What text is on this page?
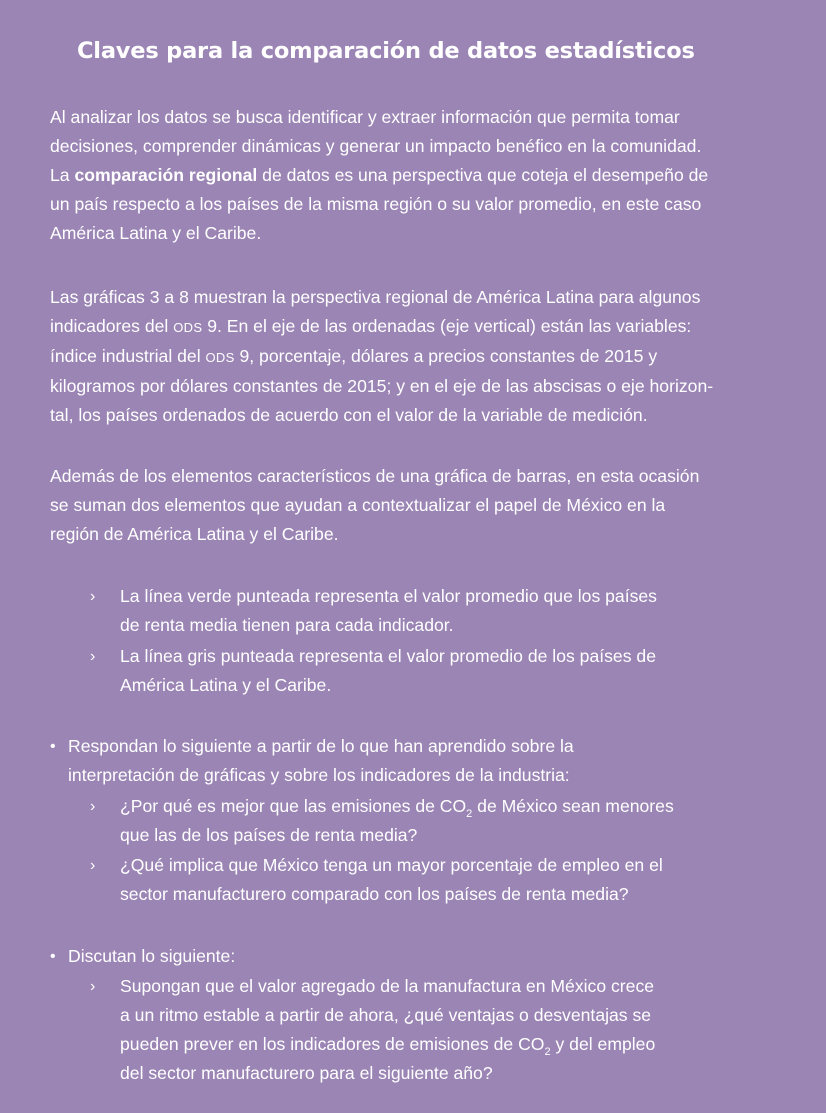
Claves para la comparación de datos estadísticos

Al analizar los datos se busca identificar y extraer información que permita tomar
decisiones, comprender dinámicas y generar un impacto benéfico en la comunidad.
La comparación regional de datos es una perspectiva que coteja el desempeño de
un país respecto a los países de la misma región o su valor promedio, en este caso
América Latina y el Caribe.

Las gráficas 3 a 8 muestran la perspectiva regional de América Latina para algunos
indicadores del ODS 9. En el eje de las ordenadas (eje vertical) están las variables:
índice industrial del ODS 9, porcentaje, dólares a precios constantes de 2015 y
kilogramos por dólares constantes de 2015; y en el eje de las abscisas o eje horizon-
tal, los países ordenados de acuerdo con el valor de la variable de medición.

Además de los elementos característicos de una gráfica de barras, en esta ocasión
se suman dos elementos que ayudan a contextualizar el papel de México en la
región de América Latina y el Caribe.

› La línea verde punteada representa el valor promedio que los países
de renta media tienen para cada indicador.
› La línea gris punteada representa el valor promedio de los países de
América Latina y el Caribe.
• Respondan lo siguiente a partir de lo que han aprendido sobre la
interpretación de gráficas y sobre los indicadores de la industria:
› ¿Por qué es mejor que las emisiones de $CO_2$ de México sean menores
que las de los países de renta media?
› ¿Qué implica que México tenga un mayor porcentaje de empleo en el
sector manufacturero comparado con los países de renta media?
• Discutan lo siguiente:
› Supongan que el valor agregado de la manufactura en México crece
a un ritmo estable a partir de ahora, ¿qué ventajas o desventajas se
pueden prever en los indicadores de emisiones de $CO_2$ y del empleo
del sector manufacturero para el siguiente año?
